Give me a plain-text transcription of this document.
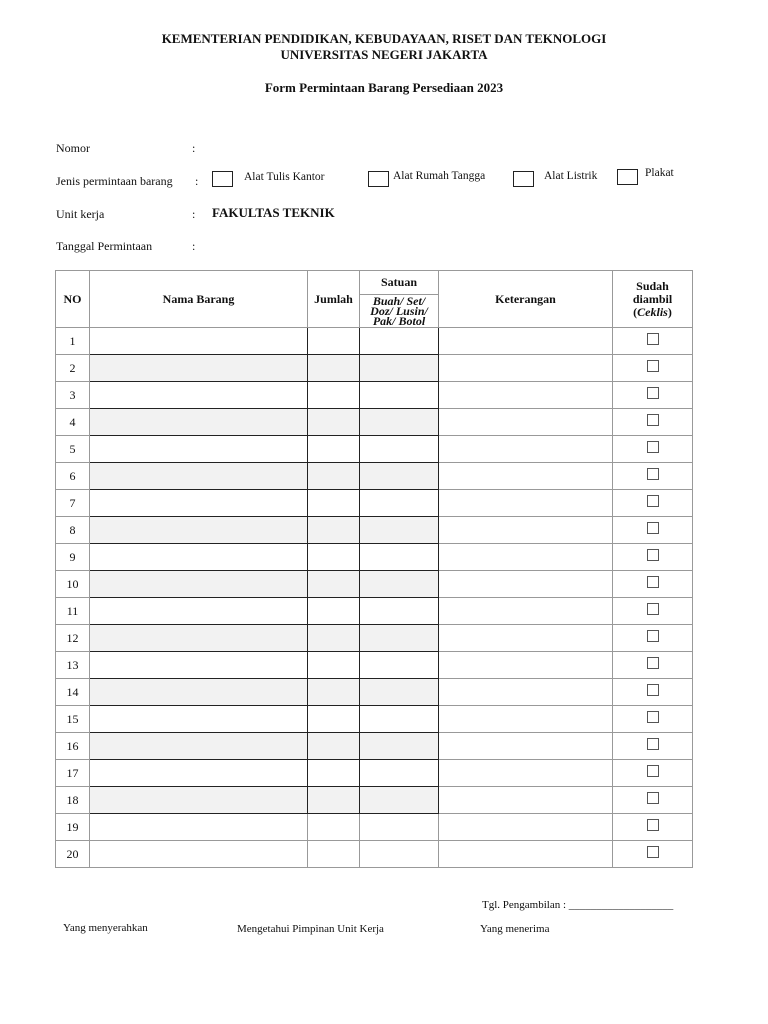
KEMENTERIAN PENDIDIKAN, KEBUDAYAAN, RISET DAN TEKNOLOGI
UNIVERSITAS NEGERI JAKARTA
Form Permintaan Barang Persediaan 2023
Nomor	:
Jenis permintaan barang :	Alat Tulis Kantor	Alat Rumah Tangga	Alat Listrik	Plakat
Unit kerja	: FAKULTAS TEKNIK
Tanggal Permintaan	:
NO	Nama Barang	Jumlah	Satuan	Keterangan	Sudah
diambil
(Ceklis)

			Buah/ Set/ Doz/ Lusin/ Pak/ Botol		
1					
2					
3					
4					
5					
6					
7					
8					
9					
10					
11					
12					
13					
14					
15					
16					
17					
18					
19					
20					
Tgl. Pengambilan : ___________________
Yang menyerahkan	Mengetahui Pimpinan Unit Kerja	Yang menerima
